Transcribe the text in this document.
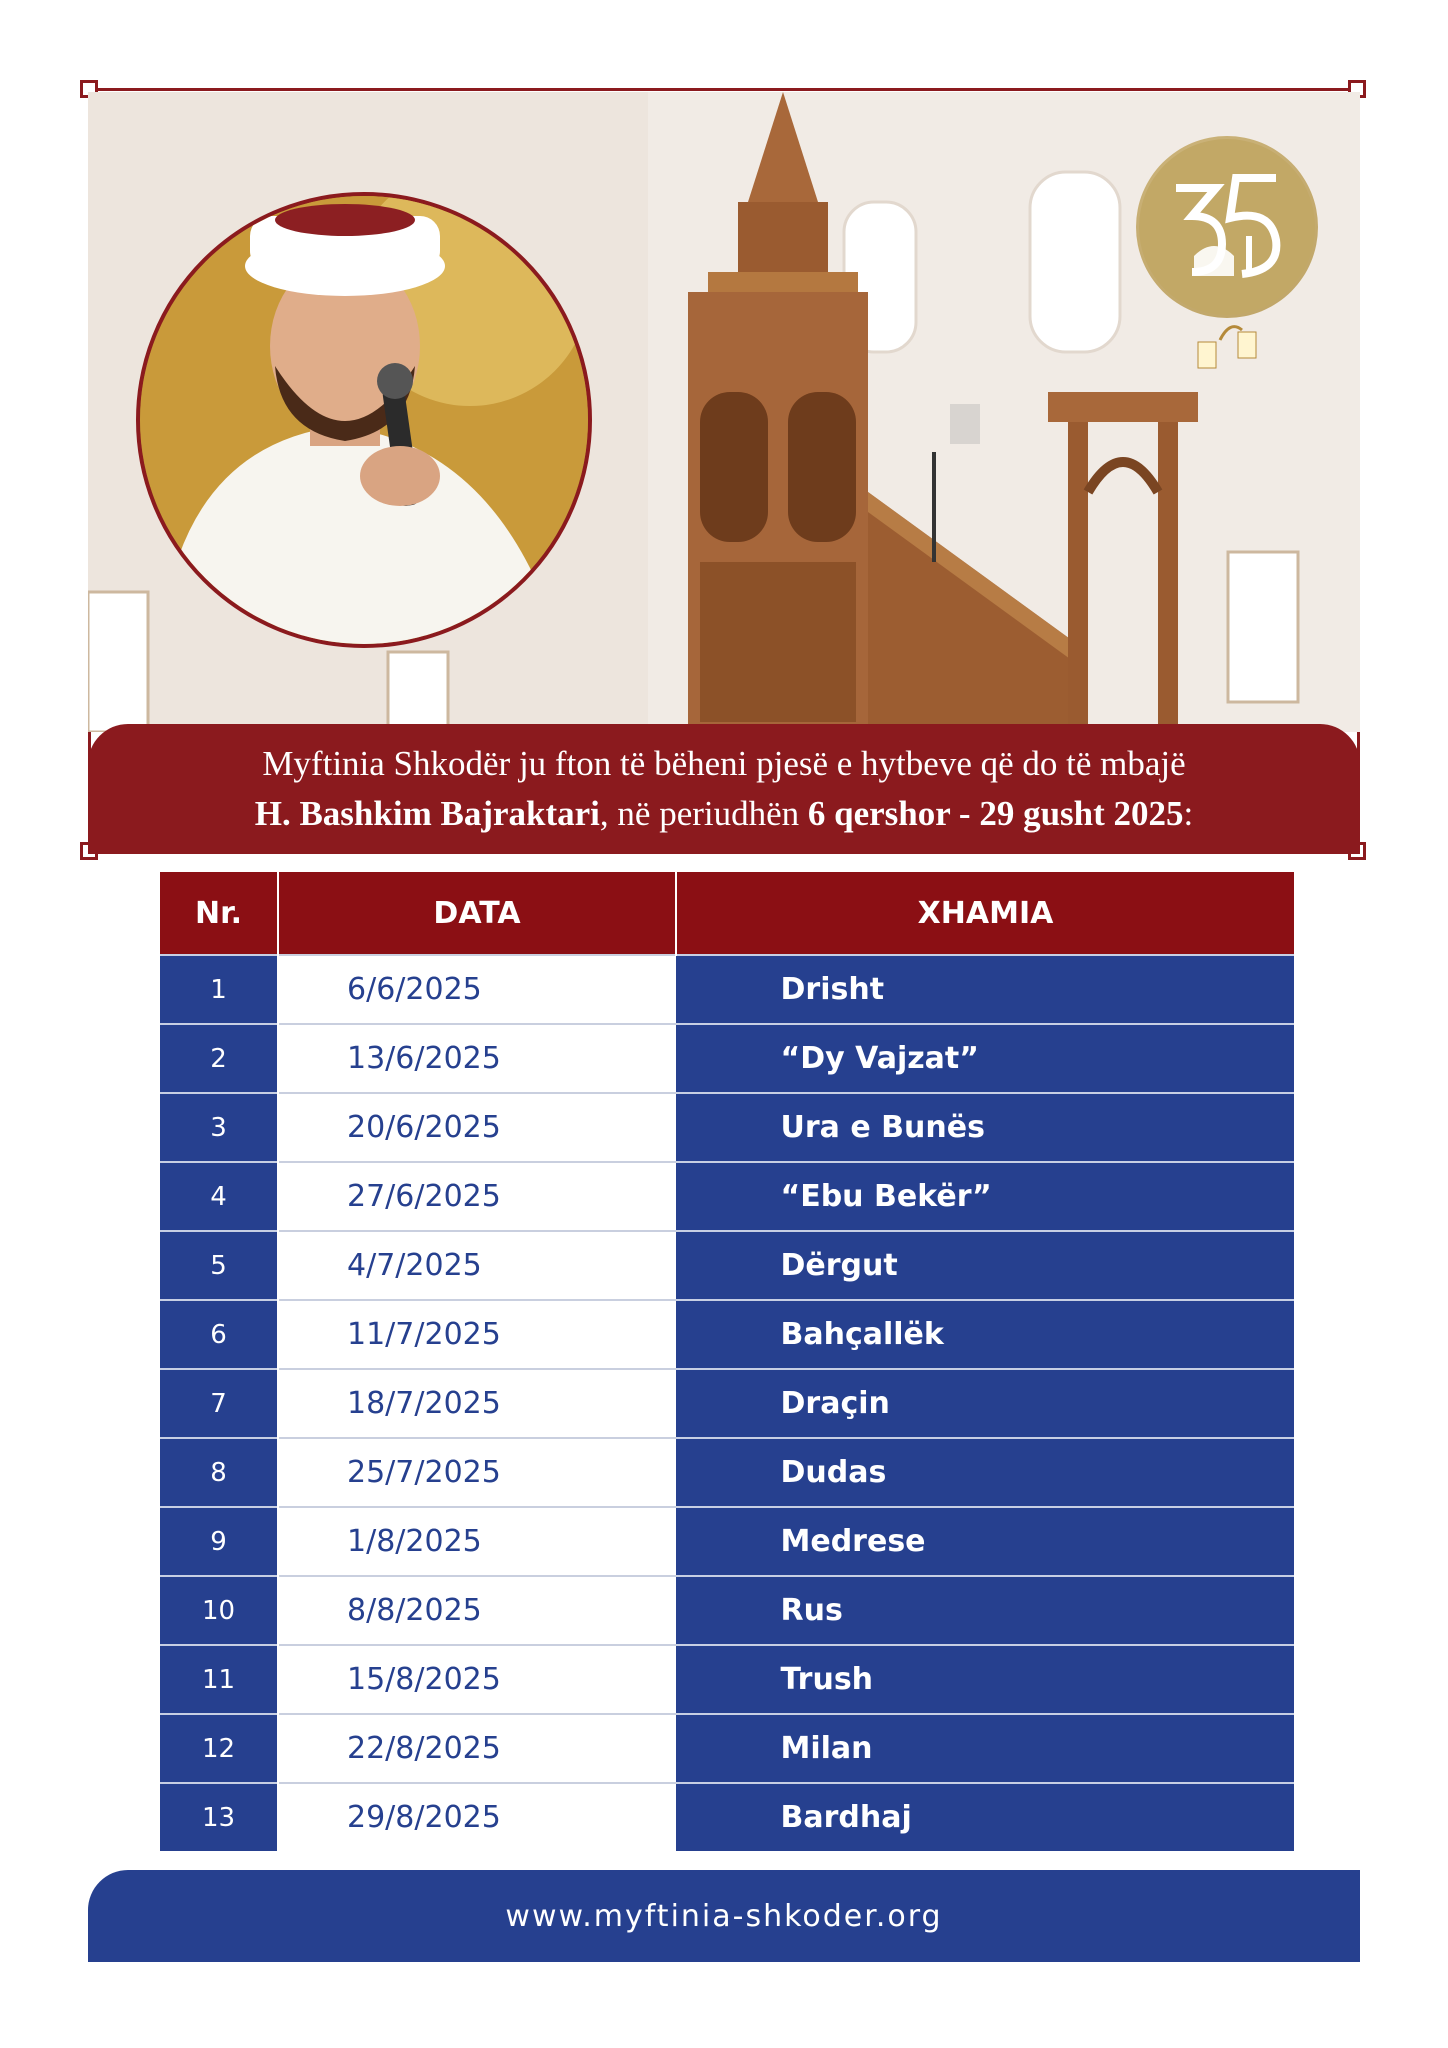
Myftinia Shkodër ju fton të bëheni pjesë e hytbeve që do të mbajë
H. Bashkim Bajraktari, në periudhën 6 qershor - 29 gusht 2025:
Nr.	DATA	XHAMIA
1	6/6/2025	Drisht
2	13/6/2025	“Dy Vajzat”
3	20/6/2025	Ura e Bunës
4	27/6/2025	“Ebu Bekër”
5	4/7/2025	Dërgut
6	11/7/2025	Bahçallëk
7	18/7/2025	Draçin
8	25/7/2025	Dudas
9	1/8/2025	Medrese
10	8/8/2025	Rus
11	15/8/2025	Trush
12	22/8/2025	Milan
13	29/8/2025	Bardhaj
www.myftinia-shkoder.org
